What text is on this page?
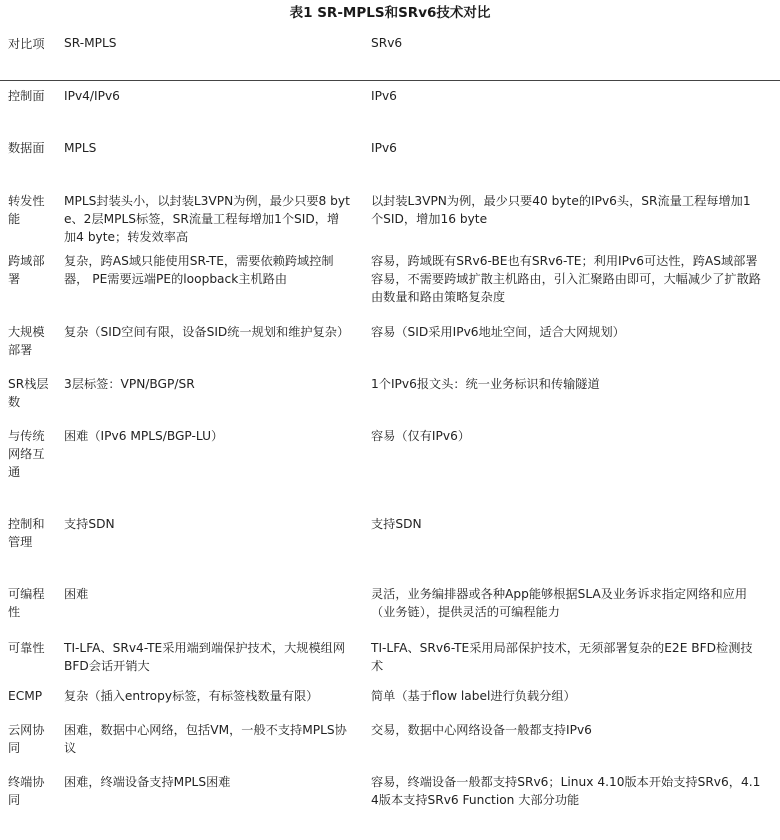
表1 SR-MPLS和SRv6技术对比
对比项	SR-MPLS	SRv6

控制面	IPv4/IPv6	IPv6
数据面	MPLS	IPv6
转发性能	MPLS封装头小，以封装L3VPN为例，最少只要8 byte、2层MPLS标签，SR流量工程每增加1个SID，增加4 byte；转发效率高	以封装L3VPN为例，最少只要40 byte的IPv6头，SR流量工程每增加1个SID，增加16 byte
跨域部署	复杂，跨AS域只能使用SR-TE，需要依赖跨域控制器， PE需要远端PE的loopback主机路由	容易，跨域既有SRv6-BE也有SRv6-TE；利用IPv6可达性，跨AS域部署容易，不需要跨域扩散主机路由，引入汇聚路由即可，大幅减少了扩散路由数量和路由策略复杂度
大规模部署	复杂（SID空间有限，设备SID统一规划和维护复杂）	容易（SID采用IPv6地址空间，适合大网规划）
SR栈层数	3层标签：VPN/BGP/SR	1个IPv6报文头：统一业务标识和传输隧道
与传统网络互通	困难（IPv6 MPLS/BGP-LU）	容易（仅有IPv6）
控制和管理	支持SDN	支持SDN
可编程性	困难	灵活，业务编排器或各种App能够根据SLA及业务诉求指定网络和应用（业务链），提供灵活的可编程能力
可靠性	TI-LFA、SRv4-TE采用端到端保护技术，大规模组网BFD会话开销大	TI-LFA、SRv6-TE采用局部保护技术，无须部署复杂的E2E BFD检测技术
ECMP	复杂（插入entropy标签，有标签栈数量有限）	简单（基于flow label进行负载分组）
云网协同	困难，数据中心网络，包括VM，一般不支持MPLS协议	交易，数据中心网络设备一般都支持IPv6
终端协同	困难，终端设备支持MPLS困难	容易，终端设备一般都支持SRv6；Linux 4.10版本开始支持SRv6，4.14版本支持SRv6 Function 大部分功能
